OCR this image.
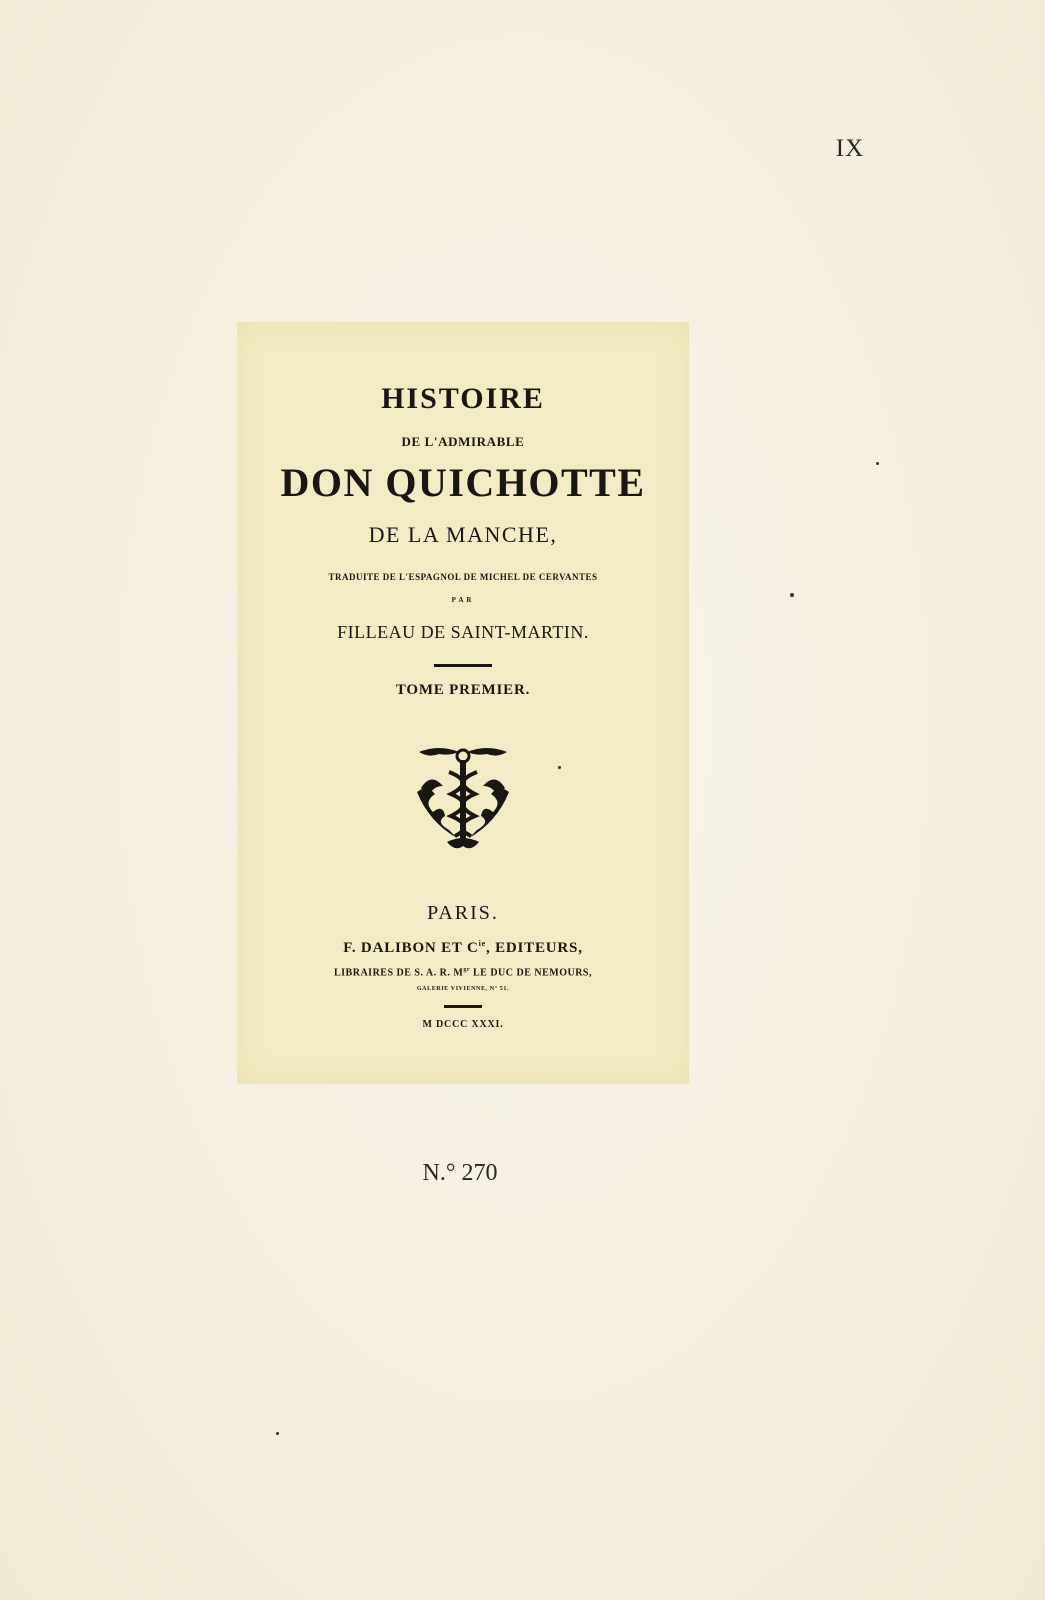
IX
HISTOIRE
DE L'ADMIRABLE
DON QUICHOTTE
DE LA MANCHE,
TRADUITE DE L'ESPAGNOL DE MICHEL DE CERVANTES
PAR
FILLEAU DE SAINT-MARTIN.
TOME PREMIER.
PARIS.
F. DALIBON ET $C^{ie}$, EDITEURS,
LIBRAIRES DE S. A. R. $M^{gr}$ LE DUC DE NEMOURS,
GALERIE VIVIENNE, N° 51.
M DCCC XXXI.
N.° 270
